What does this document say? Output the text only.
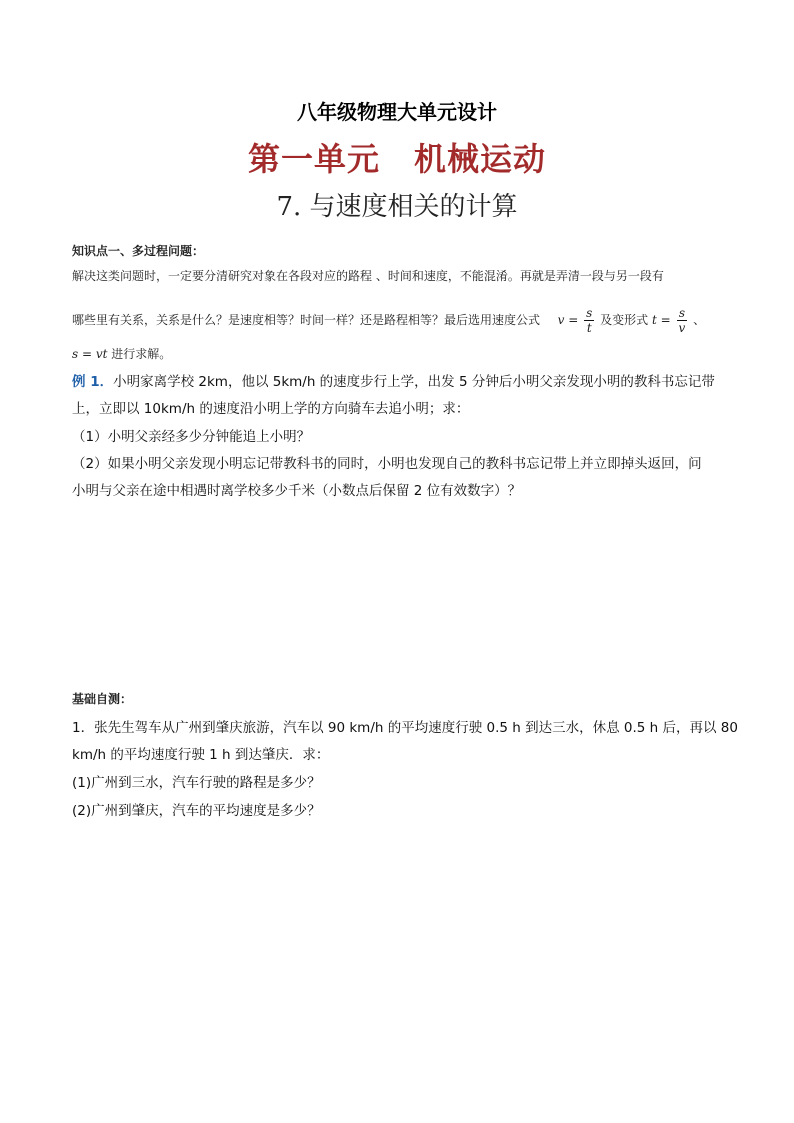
八年级物理大单元设计
第一单元 机械运动
7. 与速度相关的计算
知识点一、多过程问题：
解决这类问题时，一定要分清研究对象在各段对应的路程 、时间和速度，不能混淆。再就是弄清一段与另一段有
哪些里有关系，关系是什么？是速度相等？时间一样？还是路程相等？最后选用速度公式 $v = \frac{s}{t}$ 及变形式 $t = \frac{s}{v}$ 、
s = vt 进行求解。
例 1．小明家离学校 2km，他以 5km/h 的速度步行上学，出发 5 分钟后小明父亲发现小明的教科书忘记带
上，立即以 10km/h 的速度沿小明上学的方向骑车去追小明；求：
（1）小明父亲经多少分钟能追上小明？
（2）如果小明父亲发现小明忘记带教科书的同时，小明也发现自己的教科书忘记带上并立即掉头返回，问
小明与父亲在途中相遇时离学校多少千米（小数点后保留 2 位有效数字）？
基础自测：
1．张先生驾车从广州到肇庆旅游，汽车以 90 km/h 的平均速度行驶 0.5 h 到达三水，休息 0.5 h 后，再以 80
km/h 的平均速度行驶 1 h 到达肇庆．求：
(1)广州到三水，汽车行驶的路程是多少？
(2)广州到肇庆，汽车的平均速度是多少？
